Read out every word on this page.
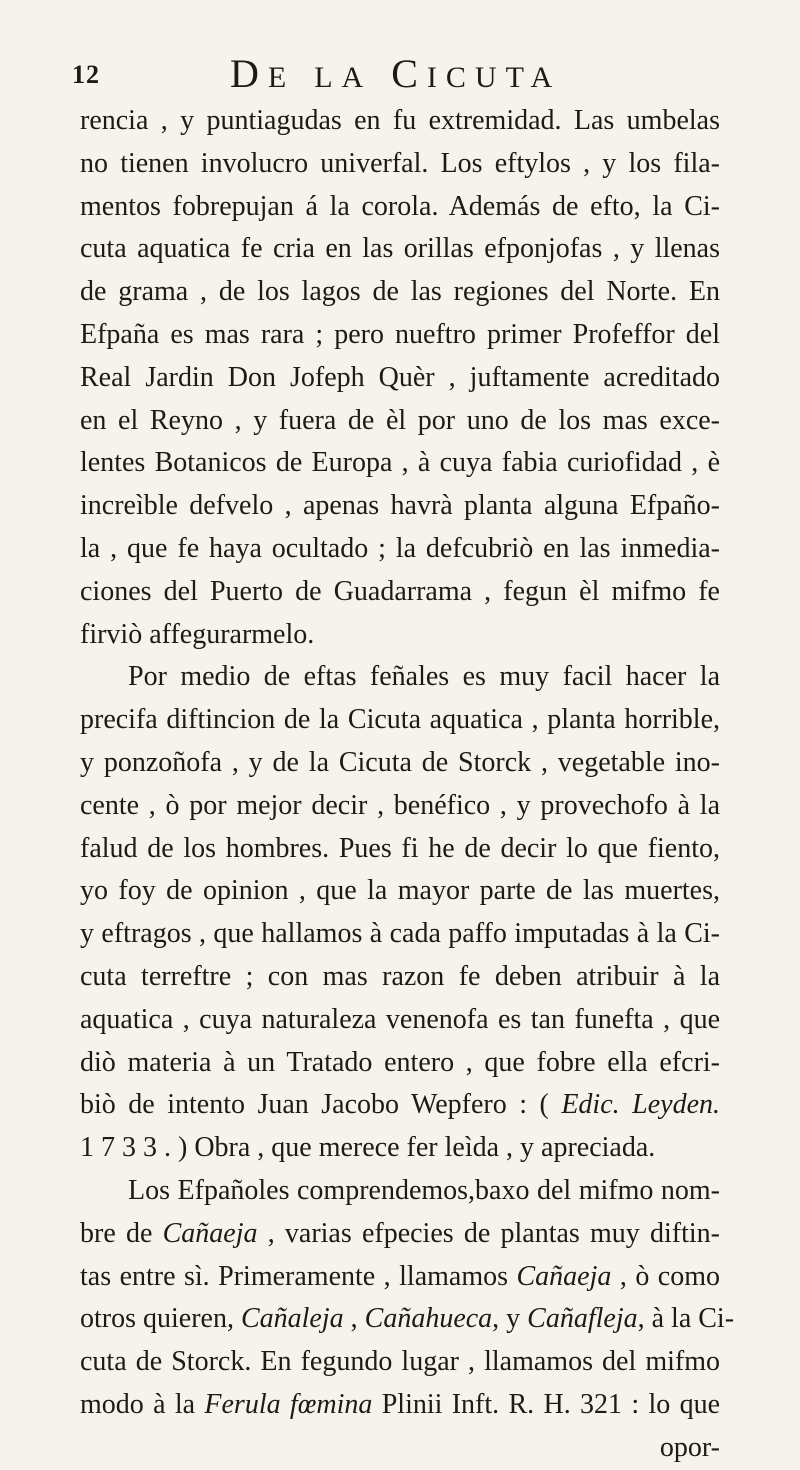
12	DE LA CICUTA
rencia , y puntiagudas en fu extremidad. Las umbelas
no tienen involucro univerfal. Los eftylos , y los fila-
mentos fobrepujan á la corola. Además de efto, la Ci-
cuta aquatica fe cria en las orillas efponjofas , y llenas
de grama , de los lagos de las regiones del Norte. En
Efpaña es mas rara ; pero nueftro primer Profeffor del
Real Jardin Don Jofeph Quèr , juftamente acreditado
en el Reyno , y fuera de èl por uno de los mas exce-
lentes Botanicos de Europa , à cuya fabia curiofidad , è
increìble defvelo , apenas havrà planta alguna Efpaño-
la , que fe haya ocultado ; la defcubriò en las inmedia-
ciones del Puerto de Guadarrama , fegun èl mifmo fe
firviò affegurarmelo.
Por medio de eftas feñales es muy facil hacer la
precifa diftincion de la Cicuta aquatica , planta horrible,
y ponzoñofa , y de la Cicuta de Storck , vegetable ino-
cente , ò por mejor decir , benéfico , y provechofo à la
falud de los hombres. Pues fi he de decir lo que fiento,
yo foy de opinion , que la mayor parte de las muertes,
y eftragos , que hallamos à cada paffo imputadas à la Ci-
cuta terreftre ; con mas razon fe deben atribuir à la
aquatica , cuya naturaleza venenofa es tan funefta , que
diò materia à un Tratado entero , que fobre ella efcri-
biò de intento Juan Jacobo Wepfero : ( Edic. Leyden.
1 7 3 3 . ) Obra , que merece fer leìda , y apreciada.
Los Efpañoles comprendemos,baxo del mifmo nom-
bre de Cañaeja , varias efpecies de plantas muy diftin-
tas entre sì. Primeramente , llamamos Cañaeja , ò como
otros quieren, Cañaleja , Cañahueca, y Cañafleja, à la Ci-
cuta de Storck. En fegundo lugar , llamamos del mifmo
modo à la Ferula fœmina Plinii Inft. R. H. 321 : lo que
opor-
